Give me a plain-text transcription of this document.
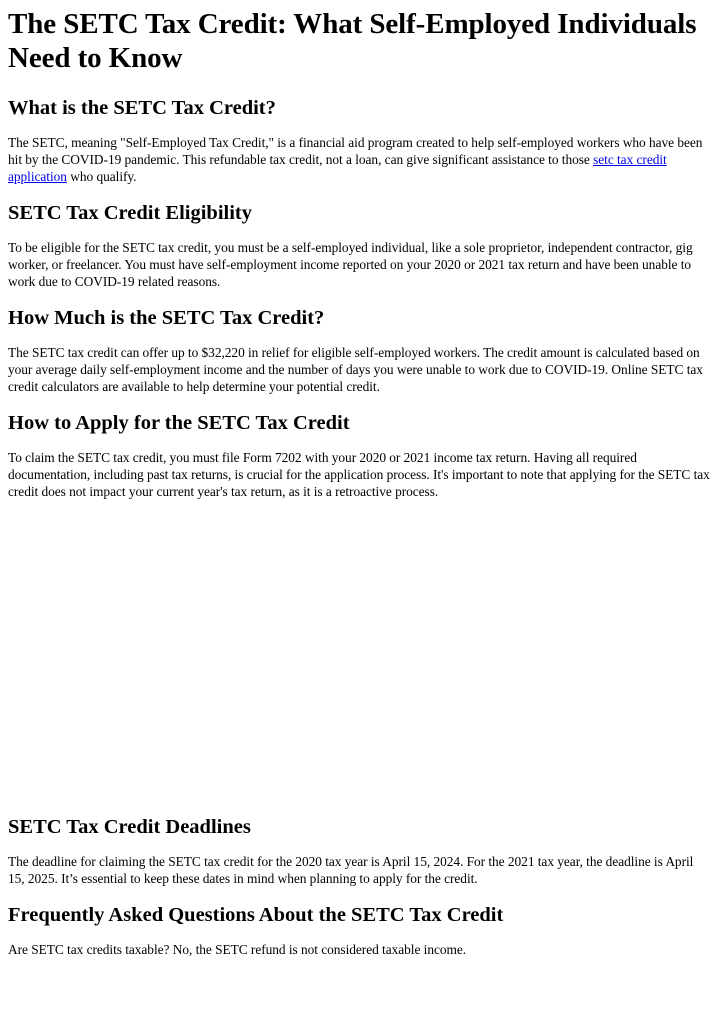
The SETC Tax Credit: What Self-Employed Individuals Need to Know
What is the SETC Tax Credit?

The SETC, meaning "Self-Employed Tax Credit," is a financial aid program created to help self-employed workers who have been hit by the COVID-19 pandemic. This refundable tax credit, not a loan, can give significant assistance to those setc tax credit application who qualify.

SETC Tax Credit Eligibility

To be eligible for the SETC tax credit, you must be a self-employed individual, like a sole proprietor, independent contractor, gig worker, or freelancer. You must have self-employment income reported on your 2020 or 2021 tax return and have been unable to work due to COVID-19 related reasons.

How Much is the SETC Tax Credit?

The SETC tax credit can offer up to $32,220 in relief for eligible self-employed workers. The credit amount is calculated based on your average daily self-employment income and the number of days you were unable to work due to COVID-19. Online SETC tax credit calculators are available to help determine your potential credit.

How to Apply for the SETC Tax Credit

To claim the SETC tax credit, you must file Form 7202 with your 2020 or 2021 income tax return. Having all required documentation, including past tax returns, is crucial for the application process. It's important to note that applying for the SETC tax credit does not impact your current year's tax return, as it is a retroactive process.

SETC Tax Credit Deadlines

The deadline for claiming the SETC tax credit for the 2020 tax year is April 15, 2024. For the 2021 tax year, the deadline is April 15, 2025. It’s essential to keep these dates in mind when planning to apply for the credit.

Frequently Asked Questions About the SETC Tax Credit

Are SETC tax credits taxable? No, the SETC refund is not considered taxable income.
